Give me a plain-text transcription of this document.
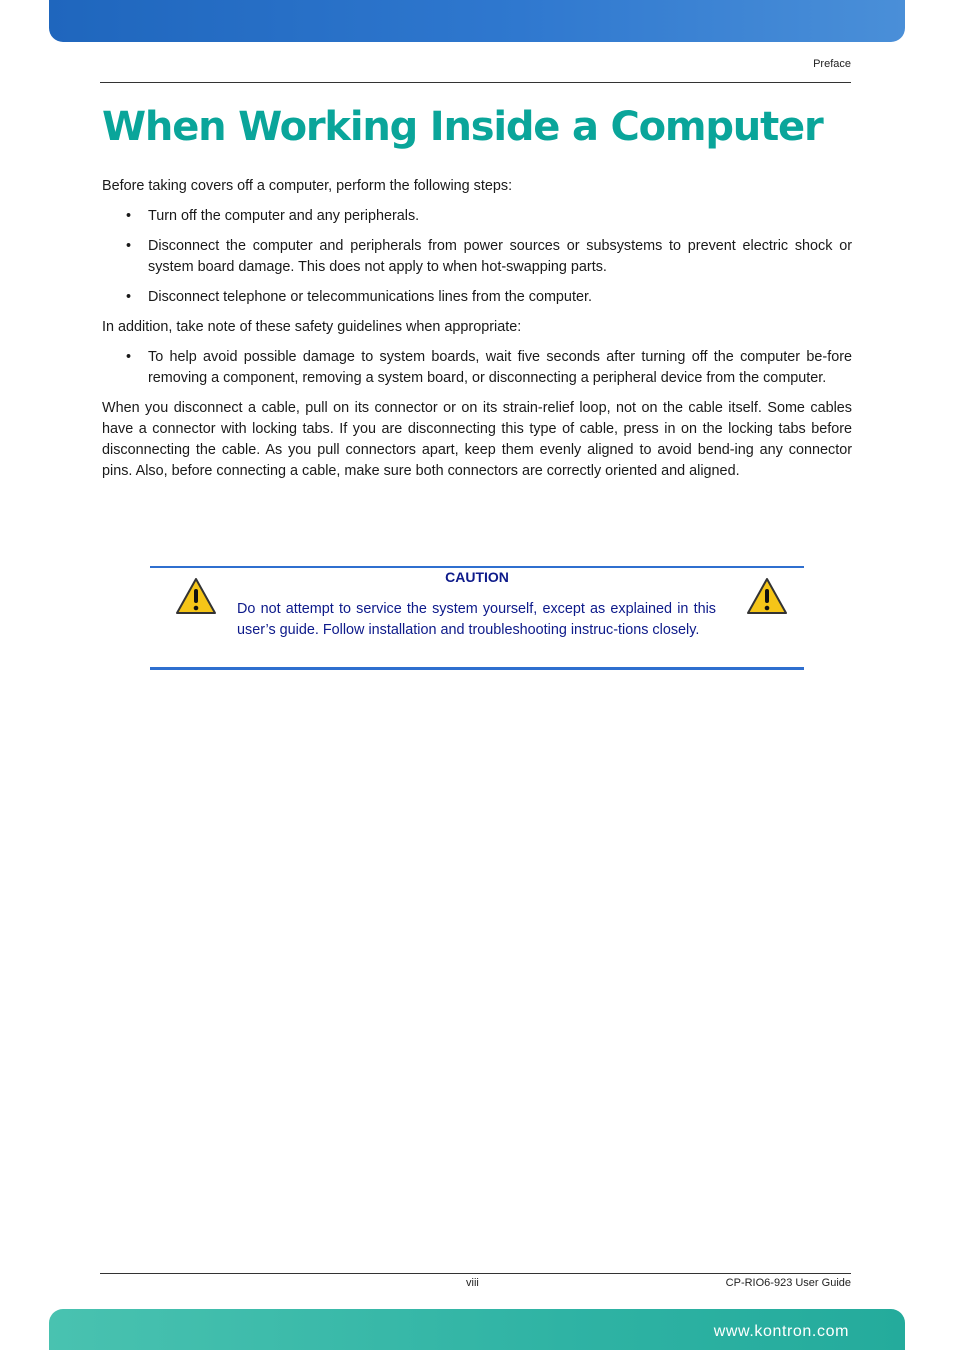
Preface
When Working Inside a Computer

Before taking covers off a computer, perform the following steps:

• Turn off the computer and any peripherals.
• Disconnect the computer and peripherals from power sources or subsystems to prevent electric shock or system board damage. This does not apply to when hot-swapping parts.
• Disconnect telephone or telecommunications lines from the computer.

In addition, take note of these safety guidelines when appropriate:

• To help avoid possible damage to system boards, wait five seconds after turning off the computer be-fore removing a component, removing a system board, or disconnecting a peripheral device from the computer.

When you disconnect a cable, pull on its connector or on its strain-relief loop, not on the cable itself. Some cables have a connector with locking tabs. If you are disconnecting this type of cable, press in on the locking tabs before disconnecting the cable. As you pull connectors apart, keep them evenly aligned to avoid bend-ing any connector pins. Also, before connecting a cable, make sure both connectors are correctly oriented and aligned.

CAUTION
Do not attempt to service the system yourself, except as explained in this user’s guide. Follow installation and troubleshooting instruc-tions closely.
viii	CP-RIO6-923 User Guide
www.kontron.com
